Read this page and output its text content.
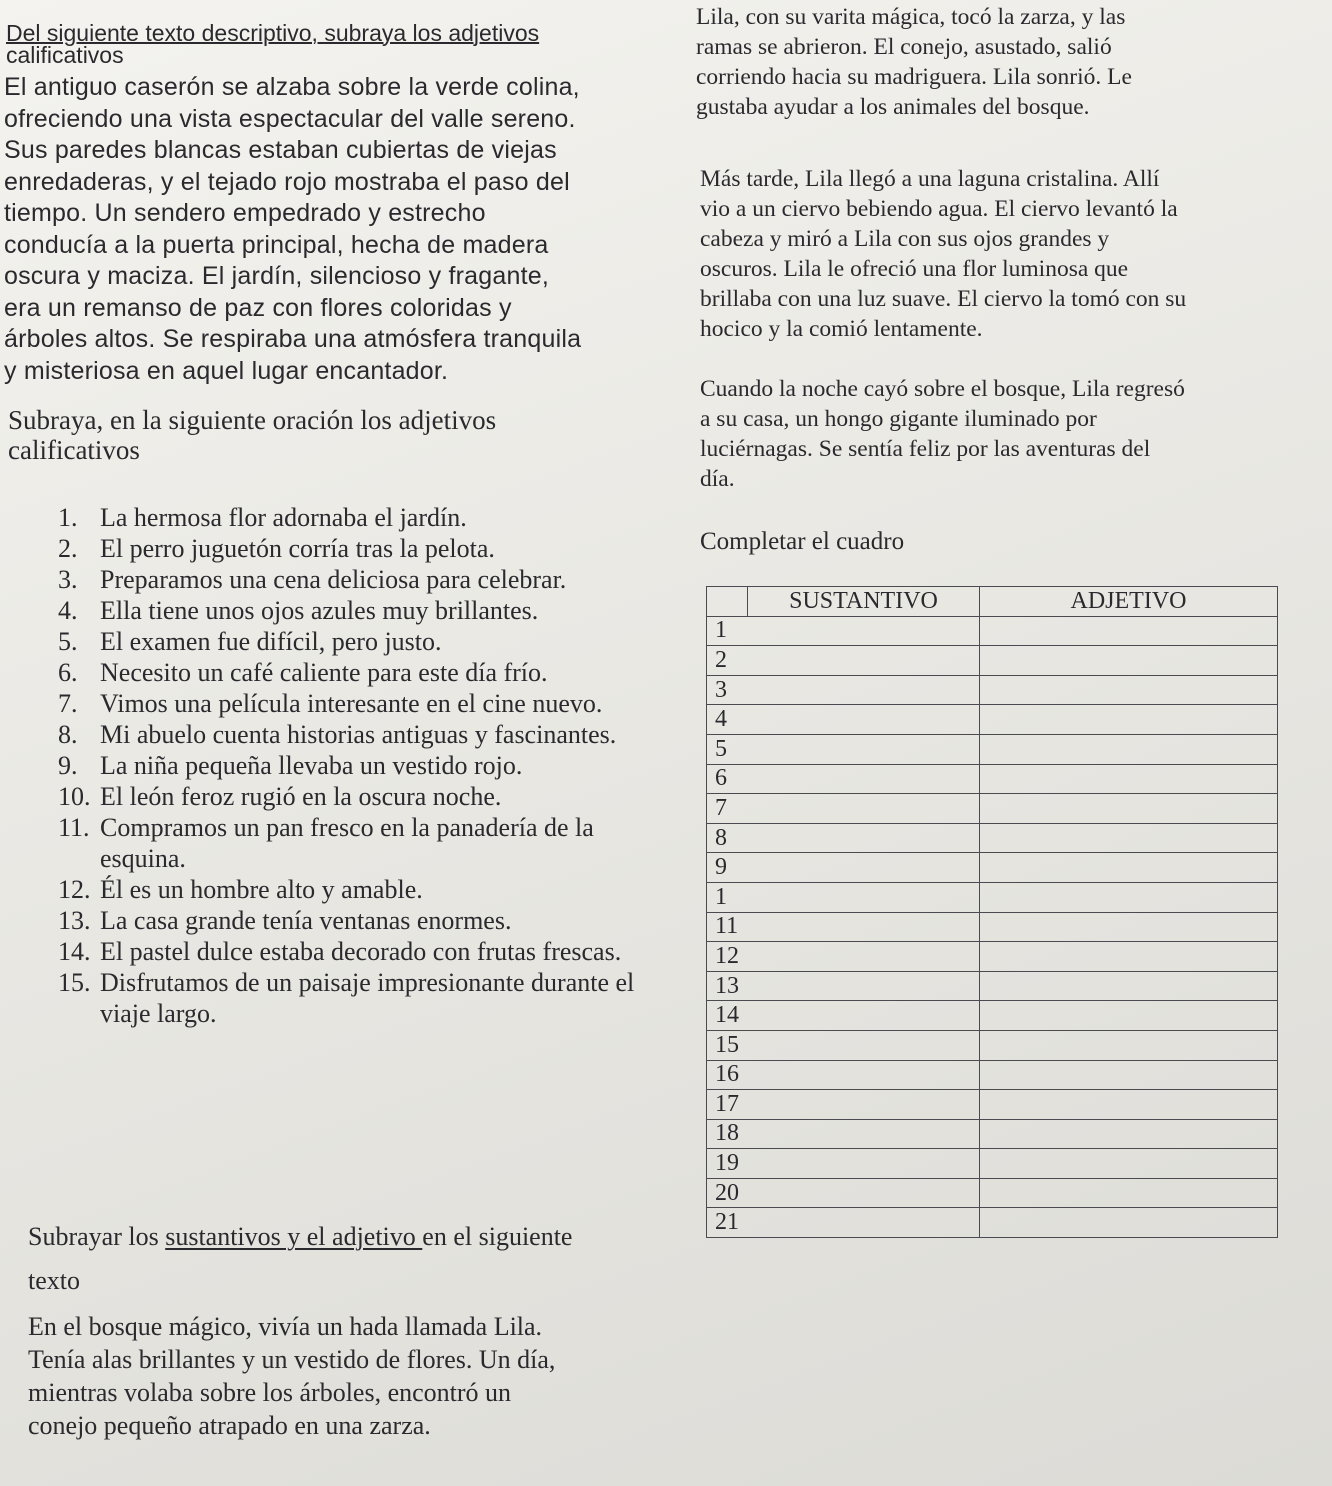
Del siguiente texto descriptivo, subraya los adjetivos
calificativos
El antiguo caserón se alzaba sobre la verde colina,
ofreciendo una vista espectacular del valle sereno.
Sus paredes blancas estaban cubiertas de viejas
enredaderas, y el tejado rojo mostraba el paso del
tiempo. Un sendero empedrado y estrecho
conducía a la puerta principal, hecha de madera
oscura y maciza. El jardín, silencioso y fragante,
era un remanso de paz con flores coloridas y
árboles altos. Se respiraba una atmósfera tranquila
y misteriosa en aquel lugar encantador.
Subraya, en la siguiente oración los adjetivos
calificativos
1. La hermosa flor adornaba el jardín.
2. El perro juguetón corría tras la pelota.
3. Preparamos una cena deliciosa para celebrar.
4. Ella tiene unos ojos azules muy brillantes.
5. El examen fue difícil, pero justo.
6. Necesito un café caliente para este día frío.
7. Vimos una película interesante en el cine nuevo.
8. Mi abuelo cuenta historias antiguas y fascinantes.
9. La niña pequeña llevaba un vestido rojo.
10. El león feroz rugió en la oscura noche.
11. Compramos un pan fresco en la panadería de la esquina.
12. Él es un hombre alto y amable.
13. La casa grande tenía ventanas enormes.
14. El pastel dulce estaba decorado con frutas frescas.
15. Disfrutamos de un paisaje impresionante durante el viaje largo.
Subrayar los sustantivos y el adjetivo en el siguiente
texto
En el bosque mágico, vivía un hada llamada Lila.
Tenía alas brillantes y un vestido de flores. Un día,
mientras volaba sobre los árboles, encontró un
conejo pequeño atrapado en una zarza.
Lila, con su varita mágica, tocó la zarza, y las
ramas se abrieron. El conejo, asustado, salió
corriendo hacia su madriguera. Lila sonrió. Le
gustaba ayudar a los animales del bosque.
Más tarde, Lila llegó a una laguna cristalina. Allí
vio a un ciervo bebiendo agua. El ciervo levantó la
cabeza y miró a Lila con sus ojos grandes y
oscuros. Lila le ofreció una flor luminosa que
brillaba con una luz suave. El ciervo la tomó con su
hocico y la comió lentamente.
Cuando la noche cayó sobre el bosque, Lila regresó
a su casa, un hongo gigante iluminado por
luciérnagas. Se sentía feliz por las aventuras del
día.
Completar el cuadro
	SUSTANTIVO	ADJETIVO
1		
2		
3		
4		
5		
6		
7		
8		
9		
1		
11		
12		
13		
14		
15		
16		
17		
18		
19		
20		
21		
